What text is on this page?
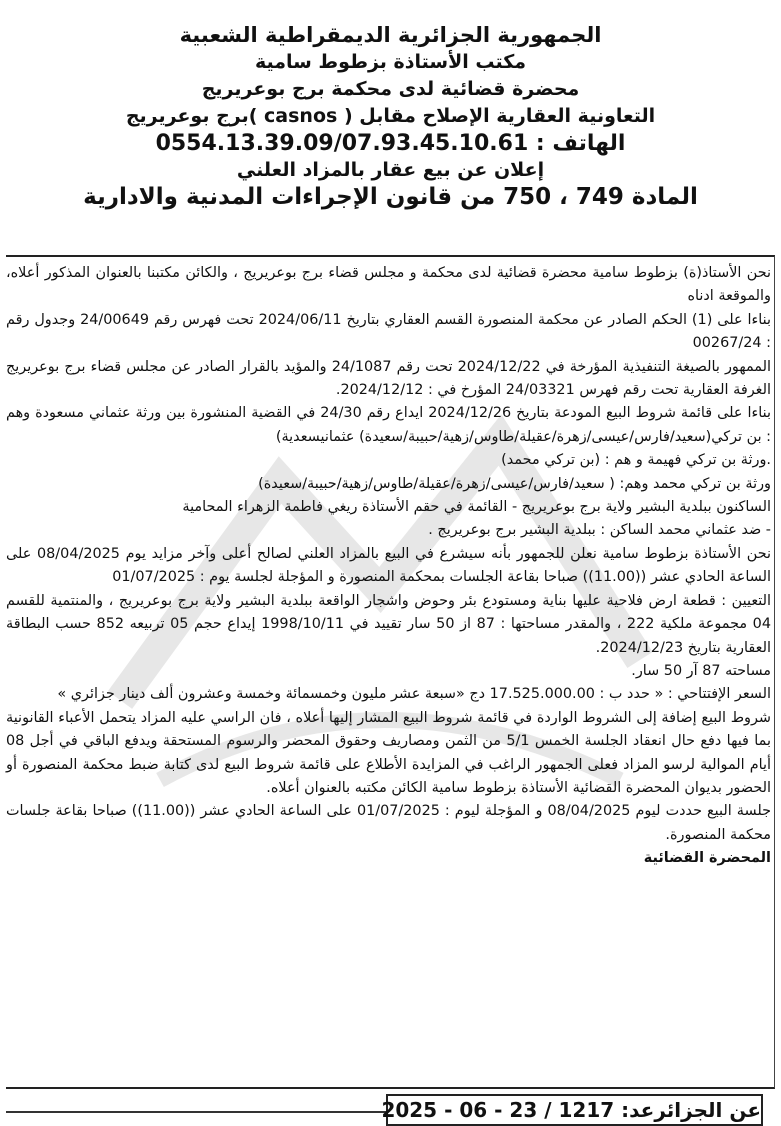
الجمهورية الجزائرية الديمقراطية الشعبية
مكتب الأستاذة بزطوط سامية
محضرة قضائية لدى محكمة برج بوعريريج
التعاونية العقارية الإصلاح مقابل ( casnos )برج بوعريريج
الهاتف : 0554.13.39.09/07.93.45.10.61
إعلان عن بيع عقار بالمزاد العلني
المادة 749 ، 750 من قانون الإجراءات المدنية والادارية

نحن الأستاذ(ة) بزطوط سامية محضرة قضائية لدى محكمة و مجلس قضاء برج بوعريريج ، والكائن مكتبنا بالعنوان المذكور أعلاه، والموقعة ادناه

بناءا على (1) الحكم الصادر عن محكمة المنصورة القسم العقاري بتاريخ 2024/06/11 تحت فهرس رقم 24/00649 وجدول رقم : 00267/24

الممهور بالصيغة التنفيذية المؤرخة في 2024/12/22 تحت رقم 24/1087 والمؤيد بالقرار الصادر عن مجلس قضاء برج بوعريريج الغرفة العقارية تحت رقم فهرس 24/03321 المؤرخ في : 2024/12/12.

بناءا على قائمة شروط البيع المودعة بتاريخ 2024/12/26 ايداع رقم 24/30 في القضية المنشورة بين ورثة عثماني مسعودة وهم : بن تركي(سعيد/فارس/عيسى/زهرة/عقيلة/طاوس/زهية/حبيبة/سعيدة) عثمانيسعدية)

.ورثة بن تركي فهيمة و هم : (بن تركي محمد)

ورثة بن تركي محمد وهم: ( سعيد/فارس/عيسى/زهرة/عقيلة/طاوس/زهية/حبيبة/سعيدة)

الساكنون ببلدية البشير ولاية برج بوعريريج - القائمة في حقم الأستاذة ريغي فاطمة الزهراء المحامية

- ضد عثماني محمد الساكن : ببلدية البشير برج بوعريريج .

نحن الأستاذة بزطوط سامية نعلن للجمهور بأنه سيشرع في البيع بالمزاد العلني لصالح أعلى وآخر مزايد يوم 08/04/2025 على الساعة الحادي عشر ((11.00)) صباحا بقاعة الجلسات بمحكمة المنصورة و المؤجلة لجلسة يوم : 01/07/2025

التعيين : قطعة ارض فلاحية عليها بناية ومستودع بئر وحوض واشجار الواقعة ببلدية البشير ولاية برج بوعريريج ، والمنتمية للقسم 04 مجموعة ملكية 222 ، والمقدر مساحتها : 87 از 50 سار تقييد في 1998/10/11 إيداع حجم 05 تربيعه 852 حسب البطاقة العقارية بتاريخ 2024/12/23.

مساحته 87 آر 50 سار.

السعر الإفتتاحي : « حدد ب : 17.525.000.00 دج «سبعة عشر مليون وخمسمائة وخمسة وعشرون ألف دينار جزائري »

شروط البيع إضافة إلى الشروط الواردة في قائمة شروط البيع المشار إليها أعلاه ، فان الراسي عليه المزاد يتحمل الأعباء القانونية بما فيها دفع حال انعقاد الجلسة الخمس 5/1 من الثمن ومصاريف وحقوق المحضر والرسوم المستحقة ويدفع الباقي في أجل 08 أيام الموالية لرسو المزاد فعلى الجمهور الراغب في المزايدة الأطلاع على قائمة شروط البيع لدى كتابة ضبط محكمة المنصورة أو الحضور بديوان المحضرة القضائية الأستاذة بزطوط سامية الكائن مكتبه بالعنوان أعلاه.

جلسة البيع حددت ليوم 08/04/2025 و المؤجلة ليوم : 01/07/2025 على الساعة الحادي عشر ((11.00)) صباحا بقاعة جلسات محكمة المنصورة.

المحضرة القضائية

عن الجزائرعد: 1217 / 23 - 06 - 2025
